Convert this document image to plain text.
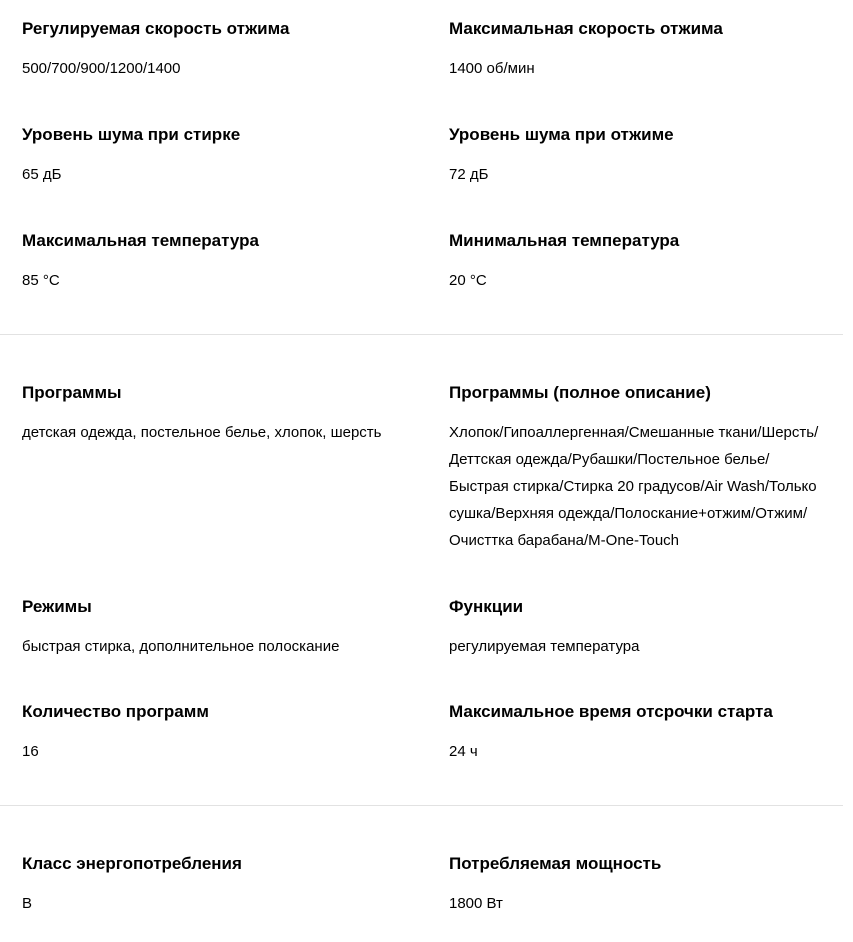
Регулируемая скорость отжима
500/700/900/1200/1400
Максимальная скорость отжима
1400 об/мин
Уровень шума при стирке
65 дБ
Уровень шума при отжиме
72 дБ
Максимальная температура
85 °C
Минимальная температура
20 °C
Программы
детская одежда, постельное белье, хлопок, шерсть
Программы (полное описание)
Хлопок/Гипоаллергенная/Смешанные ткани/Шерсть/
Деттская одежда/Рубашки/Постельное белье/
Быстрая стирка/Стирка 20 градусов/Air Wash/Только
сушка/Верхняя одежда/Полоскание+отжим/Отжим/
Очисттка барабана/M-One-Touch
Режимы
быстрая стирка, дополнительное полоскание
Функции
регулируемая температура
Количество программ
16
Максимальное время отсрочки старта
24 ч
Класс энергопотребления
B
Потребляемая мощность
1800 Вт
